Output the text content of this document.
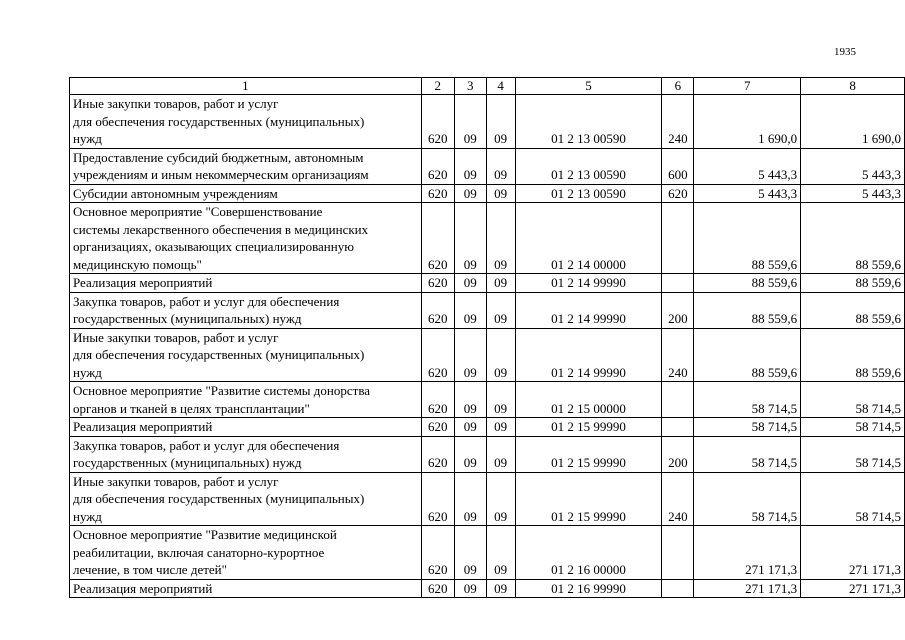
1935
1	2	3	4	5	6	7	8

Иные закупки товаров, работ и услуг
для обеспечения государственных (муниципальных)
нужд	620	09	09	01 2 13 00590	240	1 690,0	1 690,0

Предоставление субсидий бюджетным, автономным
учреждениям и иным некоммерческим организациям	620	09	09	01 2 13 00590	600	5 443,3	5 443,3

Субсидии автономным учреждениям	620	09	09	01 2 13 00590	620	5 443,3	5 443,3

Основное мероприятие "Совершенствование
системы лекарственного обеспечения в медицинских
организациях, оказывающих специализированную
медицинскую помощь"	620	09	09	01 2 14 00000		88 559,6	88 559,6

Реализация мероприятий	620	09	09	01 2 14 99990		88 559,6	88 559,6

Закупка товаров, работ и услуг для обеспечения
государственных (муниципальных) нужд	620	09	09	01 2 14 99990	200	88 559,6	88 559,6

Иные закупки товаров, работ и услуг
для обеспечения государственных (муниципальных)
нужд	620	09	09	01 2 14 99990	240	88 559,6	88 559,6

Основное мероприятие "Развитие системы донорства
органов и тканей в целях трансплантации"	620	09	09	01 2 15 00000		58 714,5	58 714,5

Реализация мероприятий	620	09	09	01 2 15 99990		58 714,5	58 714,5

Закупка товаров, работ и услуг для обеспечения
государственных (муниципальных) нужд	620	09	09	01 2 15 99990	200	58 714,5	58 714,5

Иные закупки товаров, работ и услуг
для обеспечения государственных (муниципальных)
нужд	620	09	09	01 2 15 99990	240	58 714,5	58 714,5

Основное мероприятие "Развитие медицинской
реабилитации, включая санаторно-курортное
лечение, в том числе детей"	620	09	09	01 2 16 00000		271 171,3	271 171,3

Реализация мероприятий	620	09	09	01 2 16 99990		271 171,3	271 171,3
